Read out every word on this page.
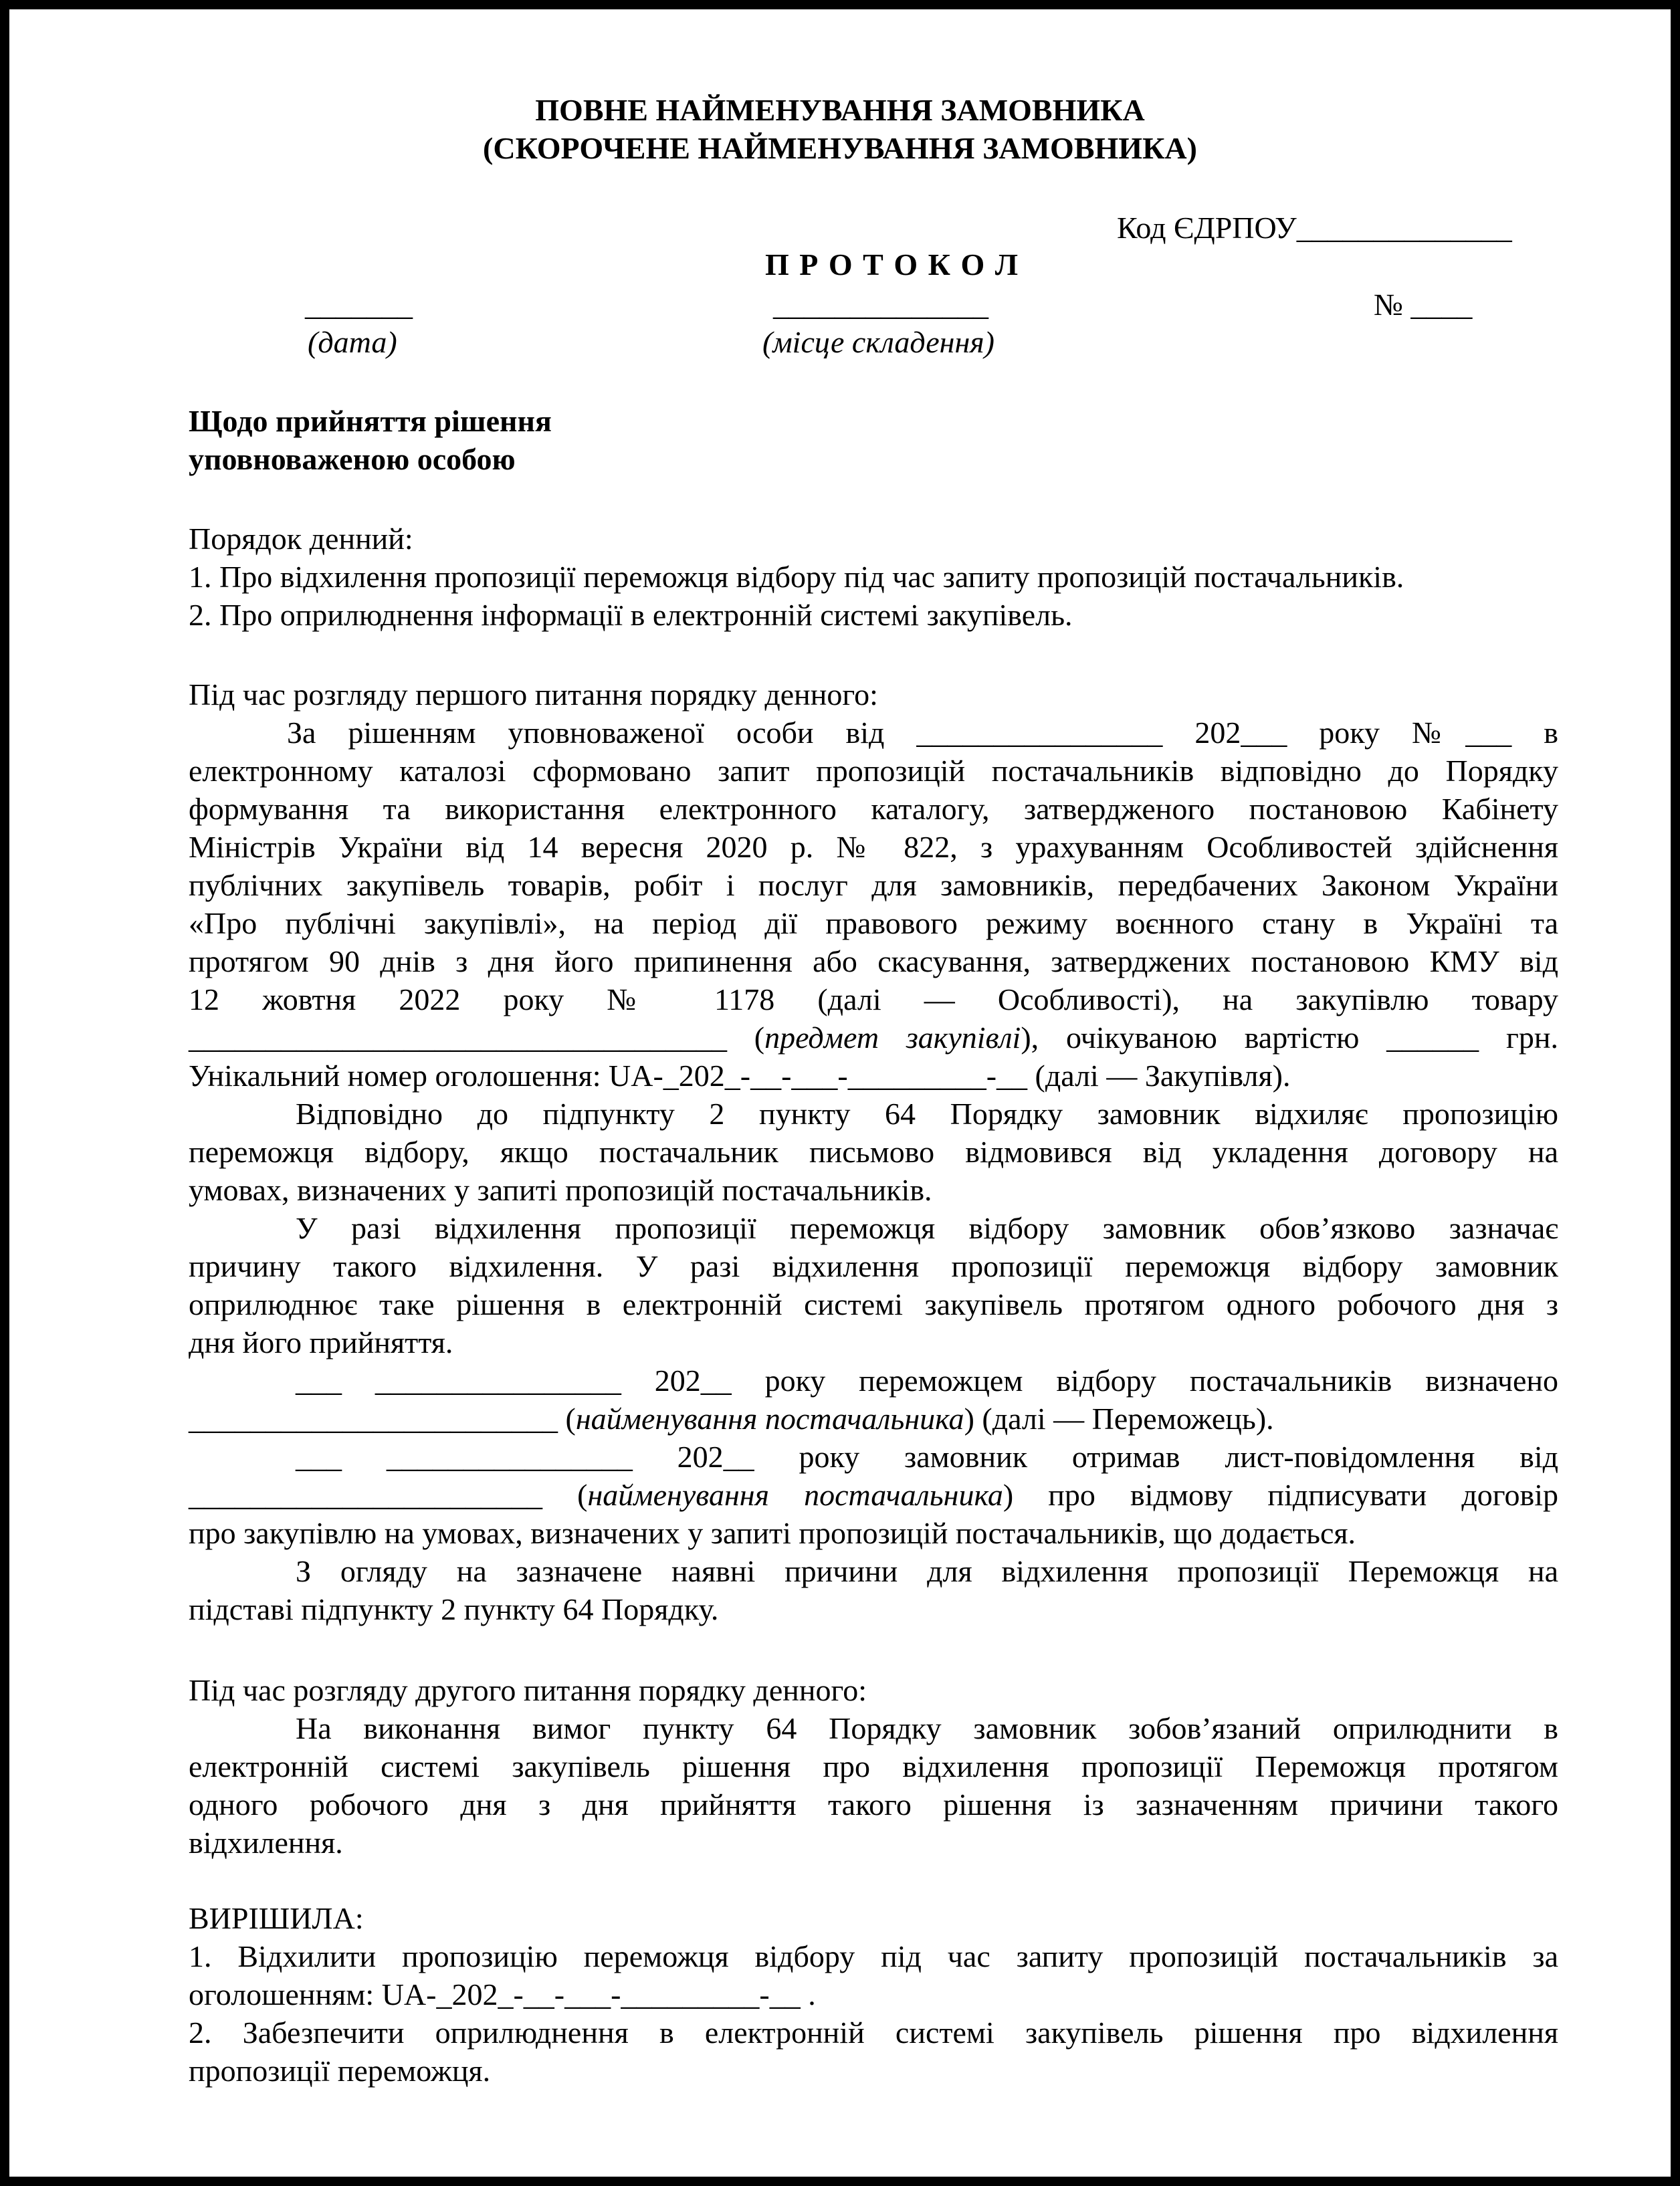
ПОВНЕ НАЙМЕНУВАННЯ ЗАМОВНИКА
(СКОРОЧЕНЕ НАЙМЕНУВАННЯ ЗАМОВНИКА)
Код ЄДРПОУ______________
П Р О Т О К О Л
_______	______________	№ ____
(дата)	(місце складення)
Щодо прийняття рішення
уповноваженою особою
Порядок денний:
1. Про відхилення пропозиції переможця відбору під час запиту пропозицій постачальників.
2. Про оприлюднення інформації в електронній системі закупівель.
Під час розгляду першого питання порядку денного:
За рішенням уповноваженої особи від ________________ 202___ року №___ в
електронному каталозі сформовано запит пропозицій постачальників відповідно до Порядку
формування та використання електронного каталогу, затвердженого постановою Кабінету
Міністрів України від 14 вересня 2020 р. № 822, з урахуванням Особливостей здійснення
публічних закупівель товарів, робіт і послуг для замовників, передбачених Законом України
«Про публічні закупівлі», на період дії правового режиму воєнного стану в Україні та
протягом 90 днів з дня його припинення або скасування, затверджених постановою КМУ від
12 жовтня 2022 року № 1178 (далі — Особливості), на закупівлю товару
___________________________________ (предмет закупівлі), очікуваною вартістю ______ грн.
Унікальний номер оголошення: UA-_202_-__-___-_________-__ (далі — Закупівля).
Відповідно до підпункту 2 пункту 64 Порядку замовник відхиляє пропозицію
переможця відбору, якщо постачальник письмово відмовився від укладення договору на
умовах, визначених у запиті пропозицій постачальників.
У разі відхилення пропозиції переможця відбору замовник обов’язково зазначає
причину такого відхилення. У разі відхилення пропозиції переможця відбору замовник
оприлюднює таке рішення в електронній системі закупівель протягом одного робочого дня з
дня його прийняття.
___ ________________ 202__ року переможцем відбору постачальників визначено
________________________ (найменування постачальника) (далі — Переможець).
___ ________________ 202__ року замовник отримав лист-повідомлення від
_______________________ (найменування постачальника) про відмову підписувати договір
про закупівлю на умовах, визначених у запиті пропозицій постачальників, що додається.
З огляду на зазначене наявні причини для відхилення пропозиції Переможця на
підставі підпункту 2 пункту 64 Порядку.
Під час розгляду другого питання порядку денного:
На виконання вимог пункту 64 Порядку замовник зобов’язаний оприлюднити в
електронній системі закупівель рішення про відхилення пропозиції Переможця протягом
одного робочого дня з дня прийняття такого рішення із зазначенням причини такого
відхилення.
ВИРІШИЛА:
1. Відхилити пропозицію переможця відбору під час запиту пропозицій постачальників за
оголошенням: UA-_202_-__-___-_________-__ .
2. Забезпечити оприлюднення в електронній системі закупівель рішення про відхилення
пропозиції переможця.
